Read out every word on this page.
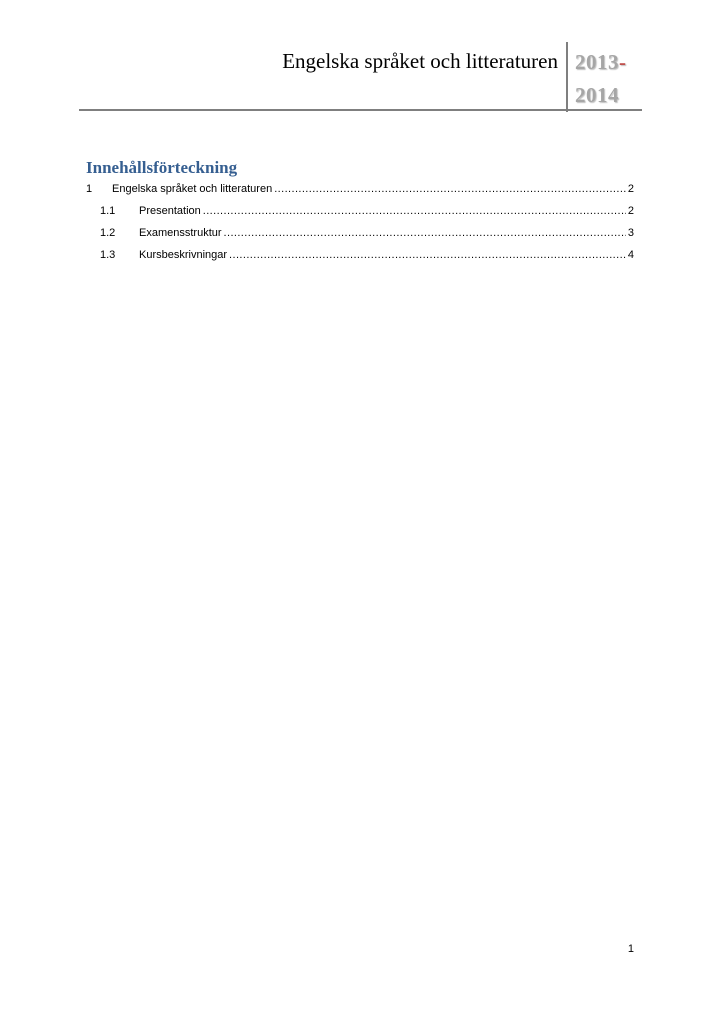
Engelska språket och litteraturen 2013-
2014
Innehållsförteckning
1	Engelska språket och litteraturen .....	2
1.1	Presentation .....	2
1.2	Examensstruktur .....	3
1.3	Kursbeskrivningar .....	4
1
